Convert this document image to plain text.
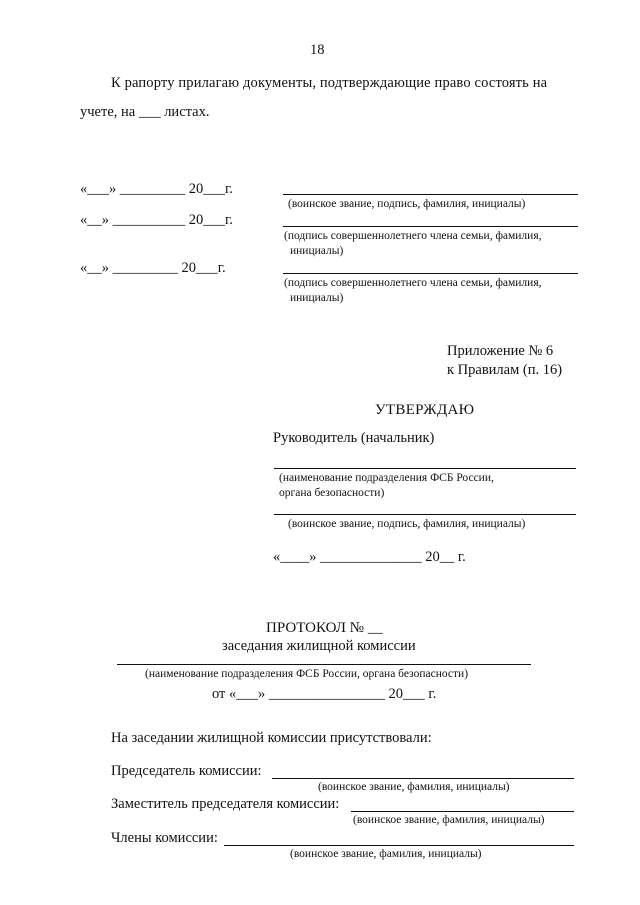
18
К рапорту прилагаю документы, подтверждающие право состоять на
учете, на ___ листах.
«___» _________ 20___г.
(воинское звание, подпись, фамилия, инициалы)
«__» __________ 20___г.
(подпись совершеннолетнего члена семьи, фамилия,
инициалы)
«__» _________ 20___г.
(подпись совершеннолетнего члена семьи, фамилия,
инициалы)
Приложение № 6
к Правилам (п. 16)
УТВЕРЖДАЮ
Руководитель (начальник)
(наименование подразделения ФСБ России,
органа безопасности)
(воинское звание, подпись, фамилия, инициалы)
«____» ______________ 20__ г.
ПРОТОКОЛ № __
заседания жилищной комиссии
(наименование подразделения ФСБ России, органа безопасности)
от «___» ________________ 20___ г.
На заседании жилищной комиссии присутствовали:
Председатель комиссии:
(воинское звание, фамилия, инициалы)
Заместитель председателя комиссии:
(воинское звание, фамилия, инициалы)
Члены комиссии:
(воинское звание, фамилия, инициалы)
